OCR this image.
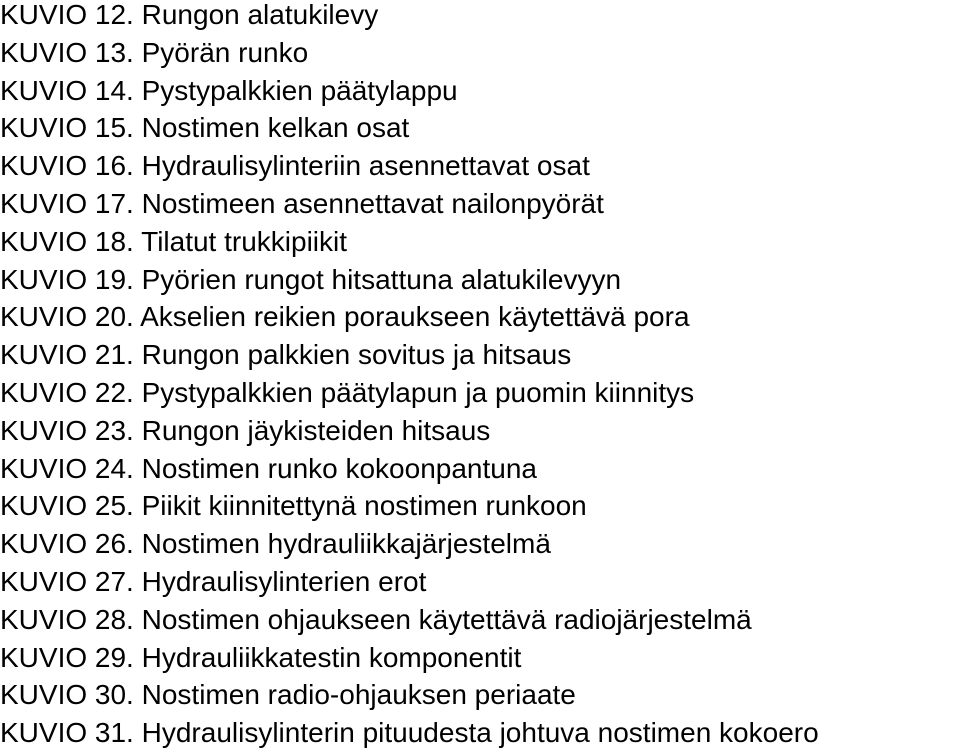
KUVIO 12. Rungon alatukilevy
KUVIO 13. Pyörän runko
KUVIO 14. Pystypalkkien päätylappu
KUVIO 15. Nostimen kelkan osat
KUVIO 16. Hydraulisylinteriin asennettavat osat
KUVIO 17. Nostimeen asennettavat nailonpyörät
KUVIO 18. Tilatut trukkipiikit
KUVIO 19. Pyörien rungot hitsattuna alatukilevyyn
KUVIO 20. Akselien reikien poraukseen käytettävä pora
KUVIO 21. Rungon palkkien sovitus ja hitsaus
KUVIO 22. Pystypalkkien päätylapun ja puomin kiinnitys
KUVIO 23. Rungon jäykisteiden hitsaus
KUVIO 24. Nostimen runko kokoonpantuna
KUVIO 25. Piikit kiinnitettynä nostimen runkoon
KUVIO 26. Nostimen hydrauliikkajärjestelmä
KUVIO 27. Hydraulisylinterien erot
KUVIO 28. Nostimen ohjaukseen käytettävä radiojärjestelmä
KUVIO 29. Hydrauliikkatestin komponentit
KUVIO 30. Nostimen radio-ohjauksen periaate
KUVIO 31. Hydraulisylinterin pituudesta johtuva nostimen kokoero
